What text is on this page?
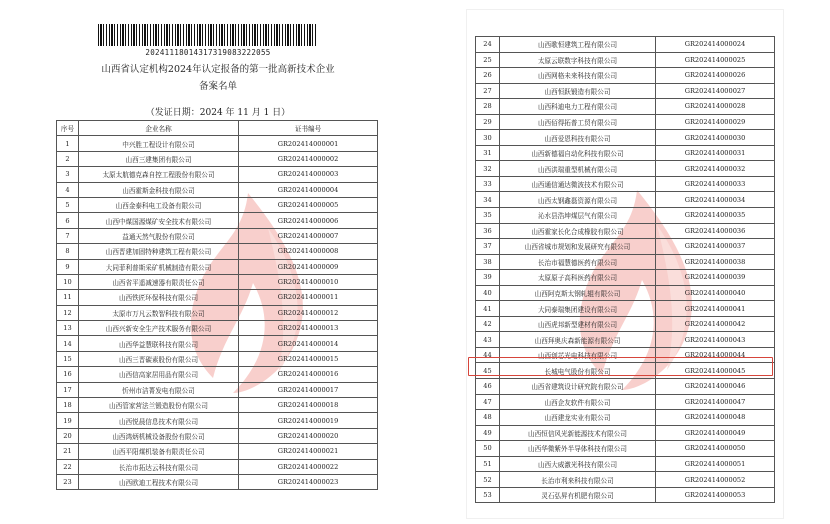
20241118014317319083222055
山西省认定机构2024年认定报备的第一批高新技术企业
备案名单
（发证日期：2024 年 11 月 1 日）
序号	企业名称	证书编号
1	中兴胜工程设计有限公司	GR202414000001
2	山西三建集团有限公司	GR202414000002
3	太原太航德克森自控工程股份有限公司	GR202414000003
4	山西霍斯金科技有限公司	GR202414000004
5	山西金泰科电工设备有限公司	GR202414000005
6	山西中煤国源煤矿安全技术有限公司	GR202414000006
7	益通天然气股份有限公司	GR202414000007
8	山西晋建加固特种建筑工程有限公司	GR202414000008
9	大同菲利普斯采矿机械制造有限公司	GR202414000009
10	山西省平遥减速器有限责任公司	GR202414000010
11	山西铁匠环保科技有限公司	GR202414000011
12	太原市万凡云数智科技有限公司	GR202414000012
13	山西兴新安全生产技术服务有限公司	GR202414000013
14	山西华益慧联科技有限公司	GR202414000014
15	山西三晋碳素股份有限公司	GR202414000015
16	山西信高家居用品有限公司	GR202414000016
17	忻州市洁菁发电有限公司	GR202414000017
18	山西管家营法兰锻造股份有限公司	GR202414000018
19	山西悦晨信息技术有限公司	GR202414000019
20	山西鸿炳机械设备股份有限公司	GR202414000020
21	山西平阳煤机装备有限责任公司	GR202414000021
22	长治市拓达云科技有限公司	GR202414000022
23	山西欧迪工程技术有限公司	GR202414000023
24	山西歌恒建筑工程有限公司	GR202414000024
25	太原云联数字科技有限公司	GR202414000025
26	山西网格未来科技有限公司	GR202414000026
27	山西恒跃锻造有限公司	GR202414000027
28	山西科迪电力工程有限公司	GR202414000028
29	山西佰得拓普工贸有限公司	GR202414000029
30	山西爱恩科技有限公司	GR202414000030
31	山西新德福自动化科技有限公司	GR202414000031
32	山西洪瑞重型机械有限公司	GR202414000032
33	山西通信通达微波技术有限公司	GR202414000033
34	山西太钢鑫磊资源有限公司	GR202414000034
35	沁水县浩坤煤层气有限公司	GR202414000035
36	山西霍家长化合成橡胶有限公司	GR202414000036
37	山西省城市规划和发展研究有限公司	GR202414000037
38	长治市福慧德医药有限公司	GR202414000038
39	太原原子高科医药有限公司	GR202414000039
40	山西阿克斯太钢轧辊有限公司	GR202414000040
41	大同泰瑞集团建设有限公司	GR202414000041
42	山西虎邦新型建材有限公司	GR202414000042
43	山西拜奥庆森新能源有限公司	GR202414000043
44	山西创芯光电科技有限公司	GR202414000044
45	长城电气股份有限公司	GR202414000045
46	山西省建筑设计研究院有限公司	GR202414000046
47	山西企友软件有限公司	GR202414000047
48	山西建龙实业有限公司	GR202414000048
49	山西恒信风光新能源技术有限公司	GR202414000049
50	山西华微紫外半导体科技有限公司	GR202414000050
51	山西大威激光科技有限公司	GR202414000051
52	长治市利来科技有限公司	GR202414000052
53	灵石弘昇有机肥有限公司	GR202414000053
